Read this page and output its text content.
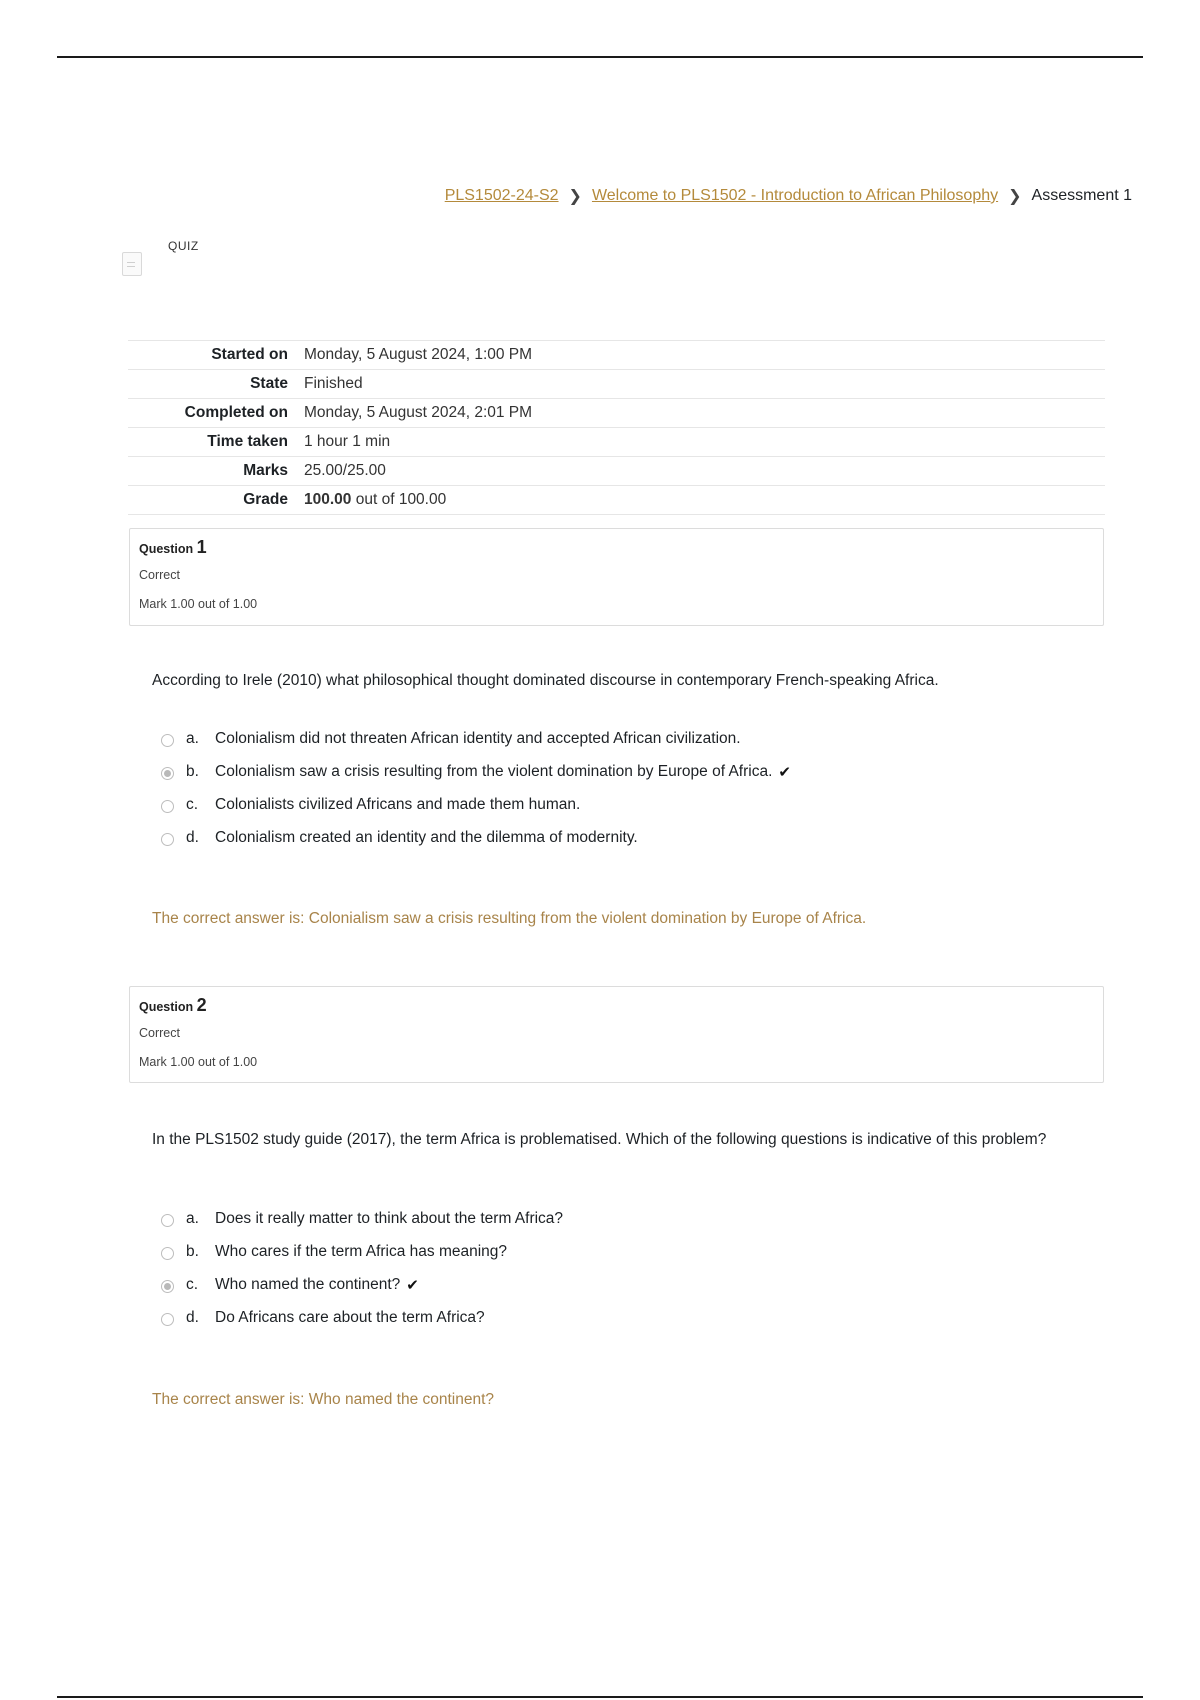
PLS1502-24-S2 ❯ Welcome to PLS1502 - Introduction to African Philosophy ❯ Assessment 1
QUIZ
Started on	Monday, 5 August 2024, 1:00 PM
State	Finished
Completed on	Monday, 5 August 2024, 2:01 PM
Time taken	1 hour 1 min
Marks	25.00/25.00
Grade	100.00 out of 100.00
Question 1
Correct
Mark 1.00 out of 1.00
According to Irele (2010) what philosophical thought dominated discourse in contemporary French-speaking Africa.
a.	Colonialism did not threaten African identity and accepted African civilization.
b.	Colonialism saw a crisis resulting from the violent domination by Europe of Africa. ✔
c.	Colonialists civilized Africans and made them human.
d.	Colonialism created an identity and the dilemma of modernity.
The correct answer is: Colonialism saw a crisis resulting from the violent domination by Europe of Africa.
Question 2
Correct
Mark 1.00 out of 1.00
In the PLS1502 study guide (2017), the term Africa is problematised. Which of the following questions is indicative of this problem?
a.	Does it really matter to think about the term Africa?
b.	Who cares if the term Africa has meaning?
c.	Who named the continent? ✔
d.	Do Africans care about the term Africa?
The correct answer is: Who named the continent?
